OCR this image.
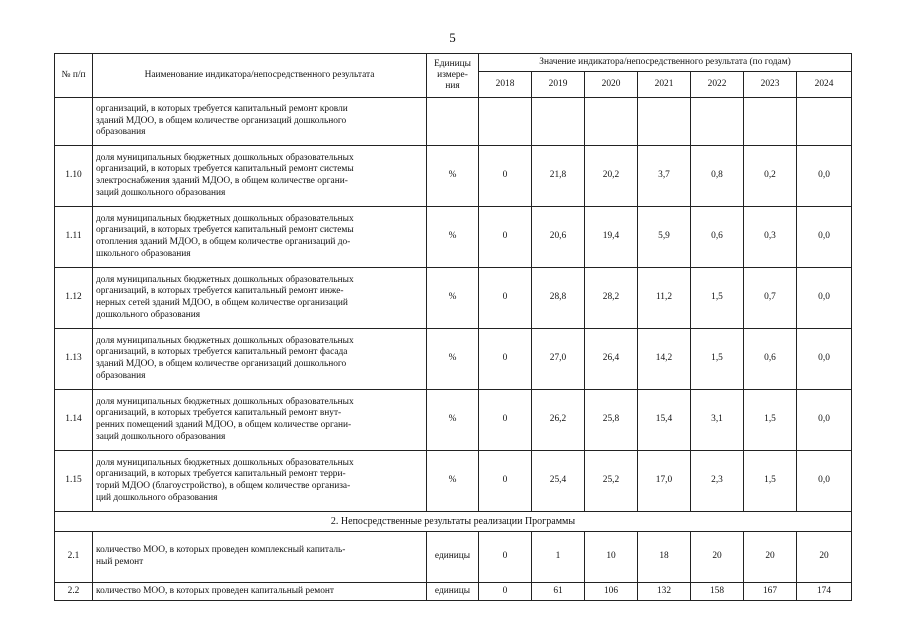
5
№ п/п	Наименование индикатора/непосредственного результата	Единицы
измере-
ния	Значение индикатора/непосредственного результата (по годам)						
			2018	2019	2020	2021	2022	2023	2024
	организаций, в которых требуется капитальный ремонт кровли
зданий МДОО, в общем количестве организаций дошкольного
образования								
1.10	доля муниципальных бюджетных дошкольных образовательных
организаций, в которых требуется капитальный ремонт системы
электроснабжения зданий МДОО, в общем количестве органи-
заций дошкольного образования	%	0	21,8	20,2	3,7	0,8	0,2	0,0
1.11	доля муниципальных бюджетных дошкольных образовательных
организаций, в которых требуется капитальный ремонт системы
отопления зданий МДОО, в общем количестве организаций до-
школьного образования	%	0	20,6	19,4	5,9	0,6	0,3	0,0
1.12	доля муниципальных бюджетных дошкольных образовательных
организаций, в которых требуется капитальный ремонт инже-
нерных сетей зданий МДОО, в общем количестве организаций
дошкольного образования	%	0	28,8	28,2	11,2	1,5	0,7	0,0
1.13	доля муниципальных бюджетных дошкольных образовательных
организаций, в которых требуется капитальный ремонт фасада
зданий МДОО, в общем количестве организаций дошкольного
образования	%	0	27,0	26,4	14,2	1,5	0,6	0,0
1.14	доля муниципальных бюджетных дошкольных образовательных
организаций, в которых требуется капитальный ремонт внут-
ренних помещений зданий МДОО, в общем количестве органи-
заций дошкольного образования	%	0	26,2	25,8	15,4	3,1	1,5	0,0
1.15	доля муниципальных бюджетных дошкольных образовательных
организаций, в которых требуется капитальный ремонт терри-
торий МДОО (благоустройство), в общем количестве организа-
ций дошкольного образования	%	0	25,4	25,2	17,0	2,3	1,5	0,0
2. Непосредственные результаты реализации Программы									
2.1	количество МОО, в которых проведен комплексный капиталь-
ный ремонт	единицы	0	1	10	18	20	20	20
2.2	количество МОО, в которых проведен капитальный ремонт	единицы	0	61	106	132	158	167	174
